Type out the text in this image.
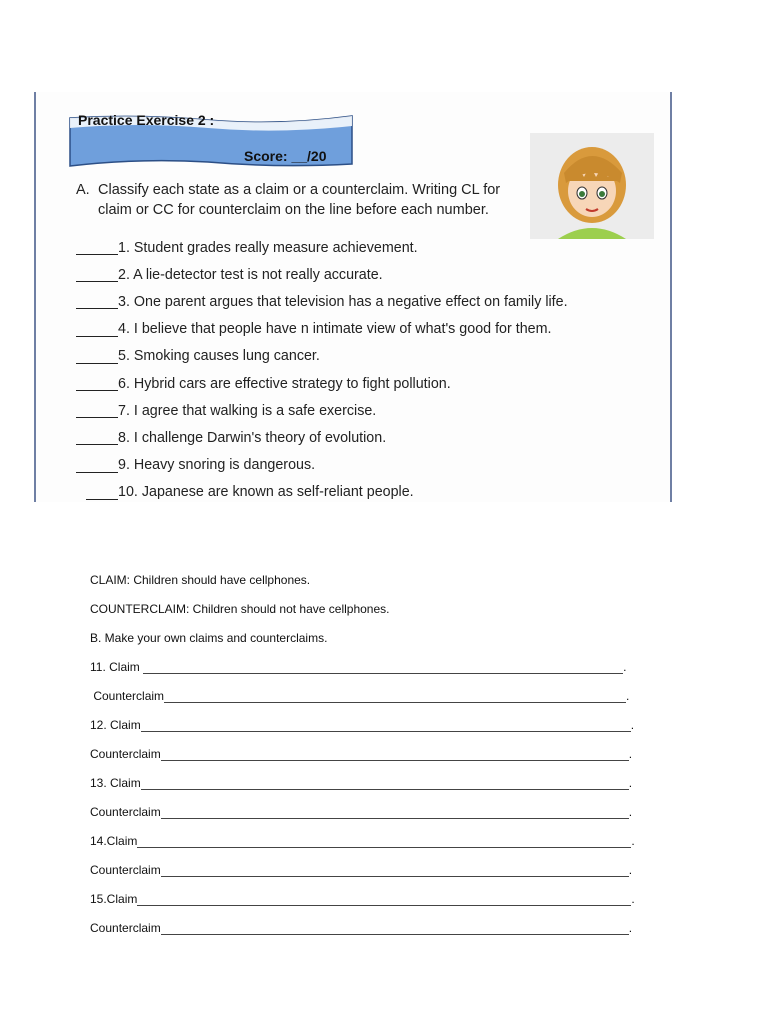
Practice Exercise 2 :
Score: __/20
A. Classify each state as a claim or a counterclaim. Writing CL for
claim or CC for counterclaim on the line before each number.
1. Student grades really measure achievement.
2. A lie-detector test is not really accurate.
3. One parent argues that television has a negative effect on family life.
4. I believe that people have n intimate view of what's good for them.
5. Smoking causes lung cancer.
6. Hybrid cars are effective strategy to fight pollution.
7. I agree that walking is a safe exercise.
8. I challenge Darwin's theory of evolution.
9. Heavy snoring is dangerous.
10. Japanese are known as self-reliant people.
CLAIM: Children should have cellphones.
COUNTERCLAIM: Children should not have cellphones.
B. Make your own claims and counterclaims.
11. Claim	.
Counterclaim	.
12. Claim	.
Counterclaim	.
13. Claim	.
Counterclaim	.
14.Claim	.
Counterclaim	.
15.Claim	.
Counterclaim	.
